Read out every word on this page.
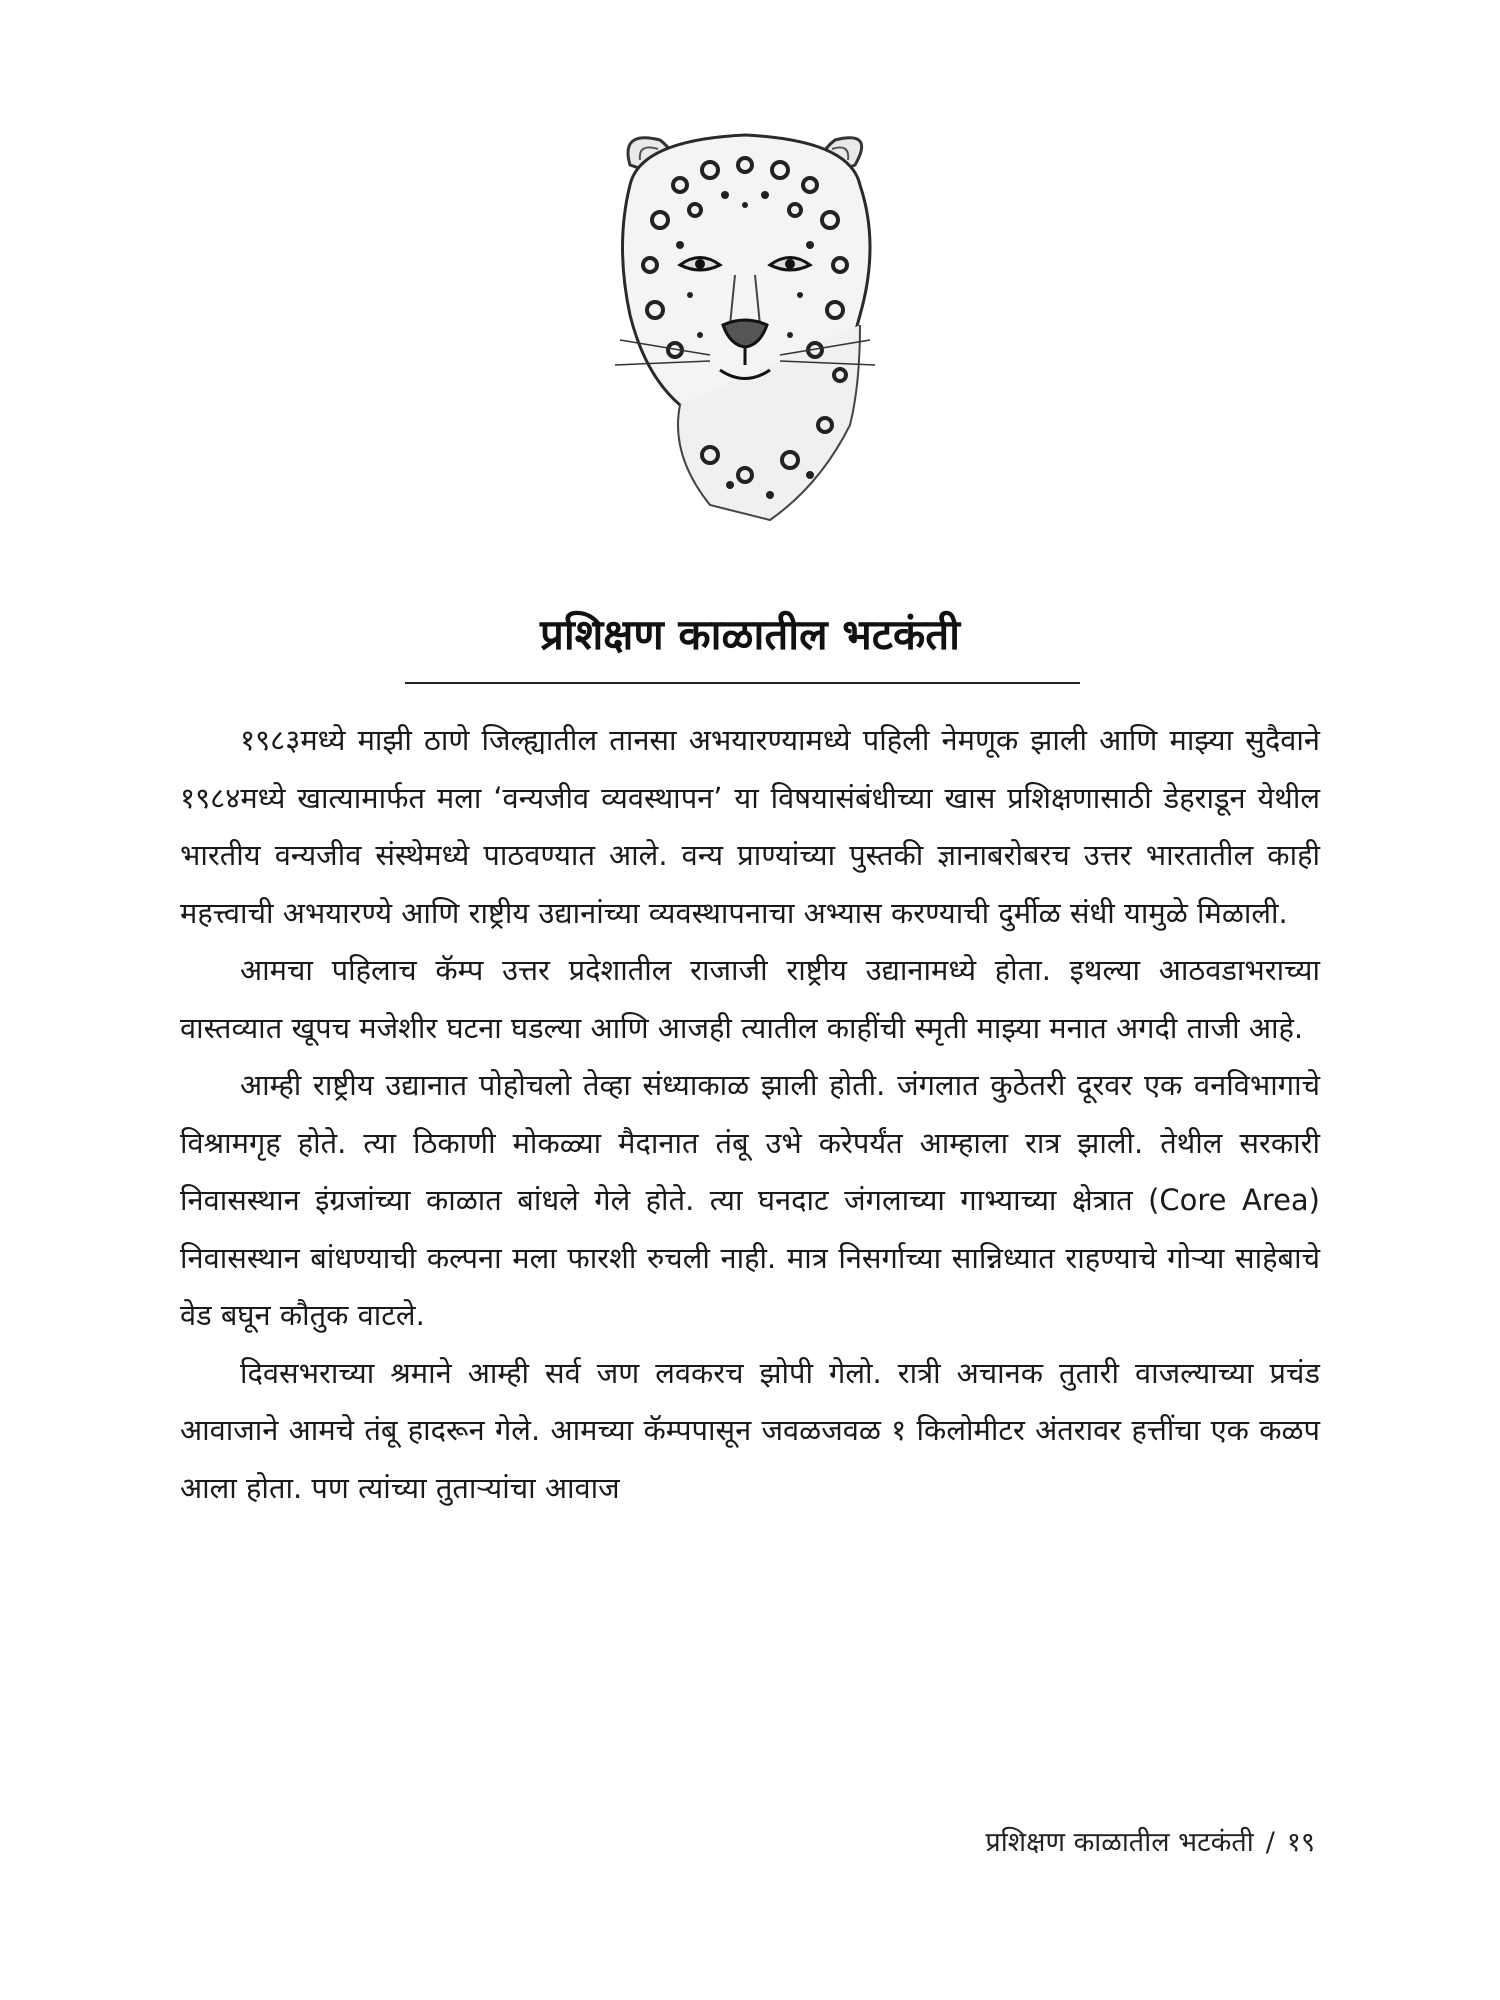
प्रशिक्षण काळातील भटकंती

१९८३मध्ये माझी ठाणे जिल्ह्यातील तानसा अभयारण्यामध्ये पहिली नेमणूक झाली आणि माझ्या सुदैवाने १९८४मध्ये खात्यामार्फत मला ‘वन्यजीव व्यवस्थापन’ या विषयासंबंधीच्या खास प्रशिक्षणासाठी डेहराडून येथील भारतीय वन्यजीव संस्थेमध्ये पाठवण्यात आले. वन्य प्राण्यांच्या पुस्तकी ज्ञानाबरोबरच उत्तर भारतातील काही महत्त्वाची अभयारण्ये आणि राष्ट्रीय उद्यानांच्या व्यवस्थापनाचा अभ्यास करण्याची दुर्मीळ संधी यामुळे मिळाली.

आमचा पहिलाच कॅम्प उत्तर प्रदेशातील राजाजी राष्ट्रीय उद्यानामध्ये होता. इथल्या आठवडाभराच्या वास्तव्यात खूपच मजेशीर घटना घडल्या आणि आजही त्यातील काहींची स्मृती माझ्या मनात अगदी ताजी आहे.

आम्ही राष्ट्रीय उद्यानात पोहोचलो तेव्हा संध्याकाळ झाली होती. जंगलात कुठेतरी दूरवर एक वनविभागाचे विश्रामगृह होते. त्या ठिकाणी मोकळ्या मैदानात तंबू उभे करेपर्यंत आम्हाला रात्र झाली. तेथील सरकारी निवासस्थान इंग्रजांच्या काळात बांधले गेले होते. त्या घनदाट जंगलाच्या गाभ्याच्या क्षेत्रात (Core Area) निवासस्थान बांधण्याची कल्पना मला फारशी रुचली नाही. मात्र निसर्गाच्या सान्निध्यात राहण्याचे गोऱ्या साहेबाचे वेड बघून कौतुक वाटले.

दिवसभराच्या श्रमाने आम्ही सर्व जण लवकरच झोपी गेलो. रात्री अचानक तुतारी वाजल्याच्या प्रचंड आवाजाने आमचे तंबू हादरून गेले. आमच्या कॅम्पपासून जवळजवळ १ किलोमीटर अंतरावर हत्तींचा एक कळप आला होता. पण त्यांच्या तुताऱ्यांचा आवाज

प्रशिक्षण काळातील भटकंती / १९
